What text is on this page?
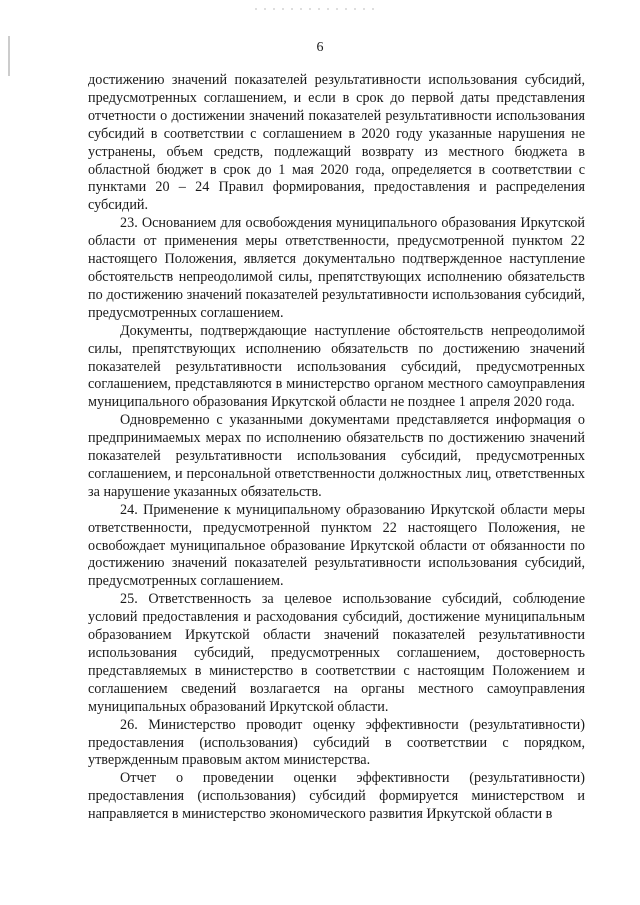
6

достижению значений показателей результативности использования субсидий, предусмотренных соглашением, и если в срок до первой даты представления отчетности о достижении значений показателей результативности использования субсидий в соответствии с соглашением в 2020 году указанные нарушения не устранены, объем средств, подлежащий возврату из местного бюджета в областной бюджет в срок до 1 мая 2020 года, определяется в соответствии с пунктами 20 – 24 Правил формирования, предоставления и распределения субсидий.

23. Основанием для освобождения муниципального образования Иркутской области от применения меры ответственности, предусмотренной пунктом 22 настоящего Положения, является документально подтвержденное наступление обстоятельств непреодолимой силы, препятствующих исполнению обязательств по достижению значений показателей результативности использования субсидий, предусмотренных соглашением.

Документы, подтверждающие наступление обстоятельств непреодолимой силы, препятствующих исполнению обязательств по достижению значений показателей результативности использования субсидий, предусмотренных соглашением, представляются в министерство органом местного самоуправления муниципального образования Иркутской области не позднее 1 апреля 2020 года.

Одновременно с указанными документами представляется информация о предпринимаемых мерах по исполнению обязательств по достижению значений показателей результативности использования субсидий, предусмотренных соглашением, и персональной ответственности должностных лиц, ответственных за нарушение указанных обязательств.

24. Применение к муниципальному образованию Иркутской области меры ответственности, предусмотренной пунктом 22 настоящего Положения, не освобождает муниципальное образование Иркутской области от обязанности по достижению значений показателей результативности использования субсидий, предусмотренных соглашением.

25. Ответственность за целевое использование субсидий, соблюдение условий предоставления и расходования субсидий, достижение муниципальным образованием Иркутской области значений показателей результативности использования субсидий, предусмотренных соглашением, достоверность представляемых в министерство в соответствии с настоящим Положением и соглашением сведений возлагается на органы местного самоуправления муниципальных образований Иркутской области.

26. Министерство проводит оценку эффективности (результативности) предоставления (использования) субсидий в соответствии с порядком, утвержденным правовым актом министерства.

Отчет о проведении оценки эффективности (результативности) предоставления (использования) субсидий формируется министерством и направляется в министерство экономического развития Иркутской области в
